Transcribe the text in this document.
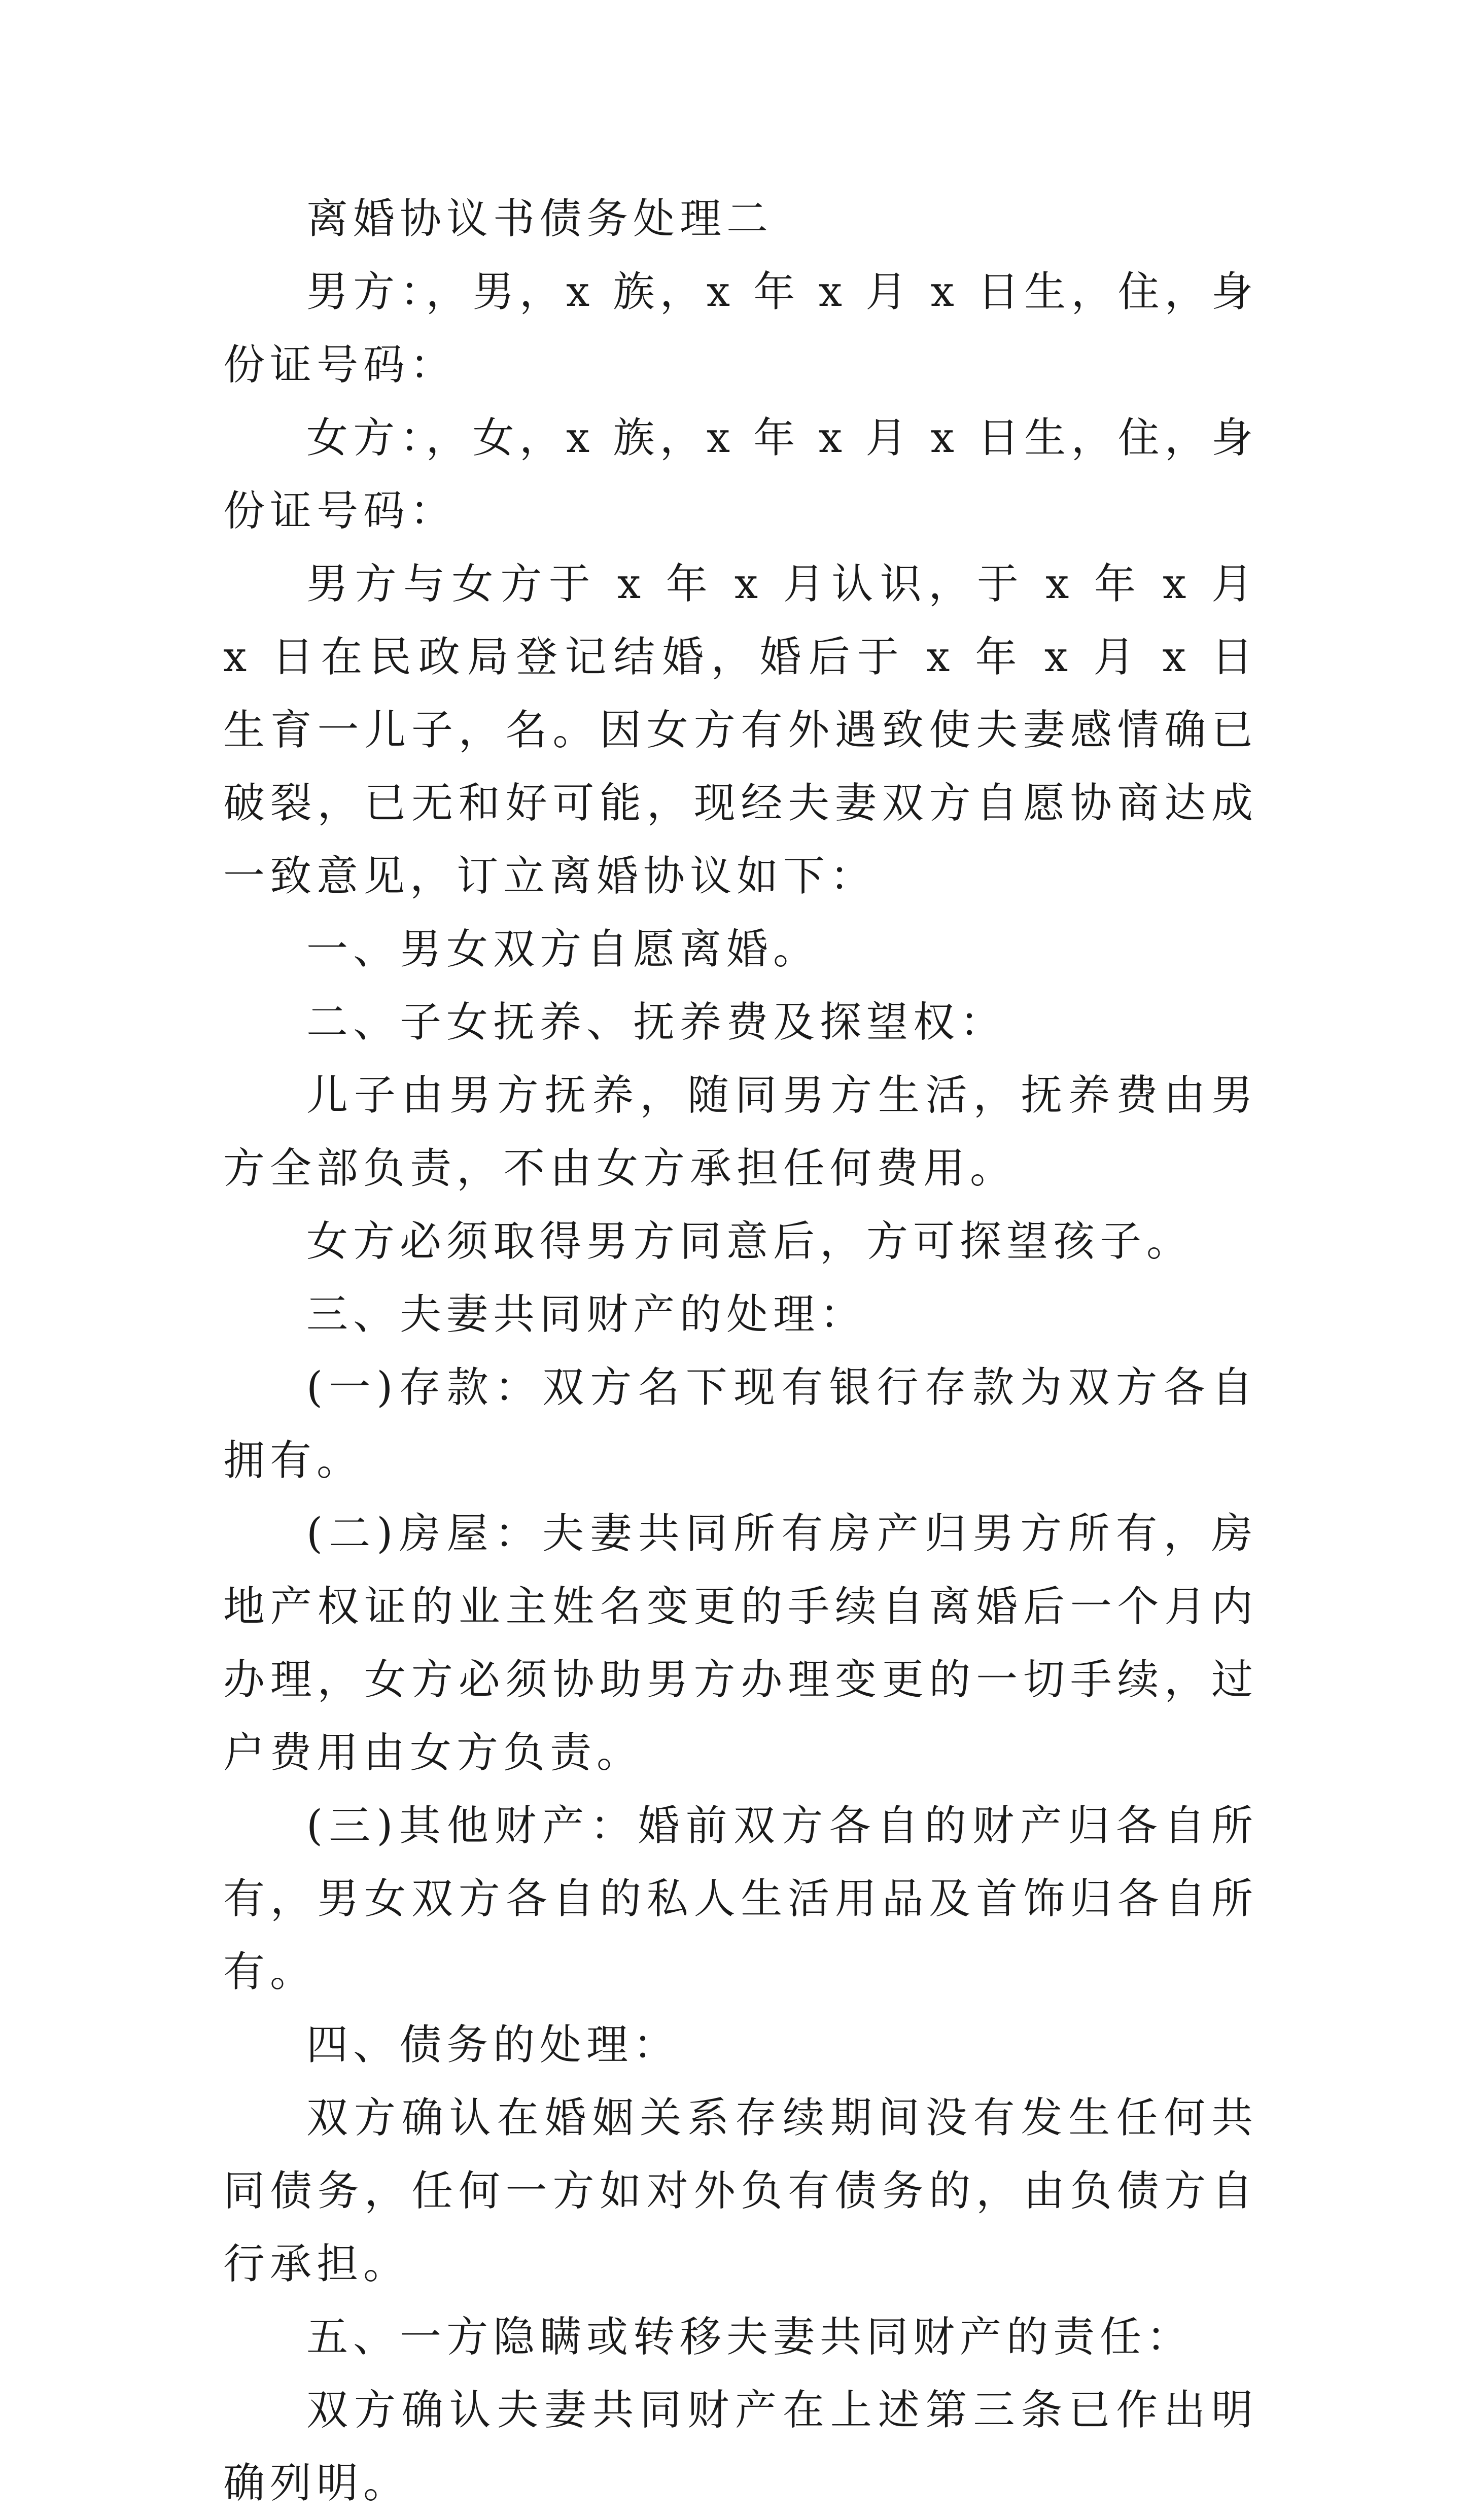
离婚协议书债务处理二

男方：，男，x 族，x 年 x 月 x 日生，住，身份证号码：

女方：，女，x 族，x 年 x 月 x 日生，住，身份证号码：

男方与女方于 x 年 x 月认识，于 x 年 x 月 x 日在民政局登记结婚，婚后于 x 年 x 月 x 日生育一儿子，名。因女方有外遇致使夫妻感情确已破裂，已无和好可能，现经夫妻双方自愿协商达成一致意见，订立离婚协议如下：

一、男女双方自愿离婚。

二、子女抚养、抚养费及探望权：

儿子由男方抚养，随同男方生活，抚养费由男方全部负责，不由女方承担任何费用。

女方必须取得男方同意后，方可探望孩子。

三、夫妻共同财产的处理：

(一)存款：双方名下现有银行存款为双方各自拥有。

(二)房屋：夫妻共同所有房产归男方所有，房地产权证的业主姓名变更的手续自离婚后一个月内办理，女方必须协助男方办理变更的一切手续，过户费用由女方负责。

(三)其他财产：婚前双方各自的财产归各自所有，男女双方各自的私人生活用品及首饰归各自所有。

四、债务的处理：

双方确认在婚姻关系存续期间没有发生任何共同债务，任何一方如对外负有债务的，由负债方自行承担。

五、一方隐瞒或转移夫妻共同财产的责任：

双方确认夫妻共同财产在上述第三条已作出明确列明。
